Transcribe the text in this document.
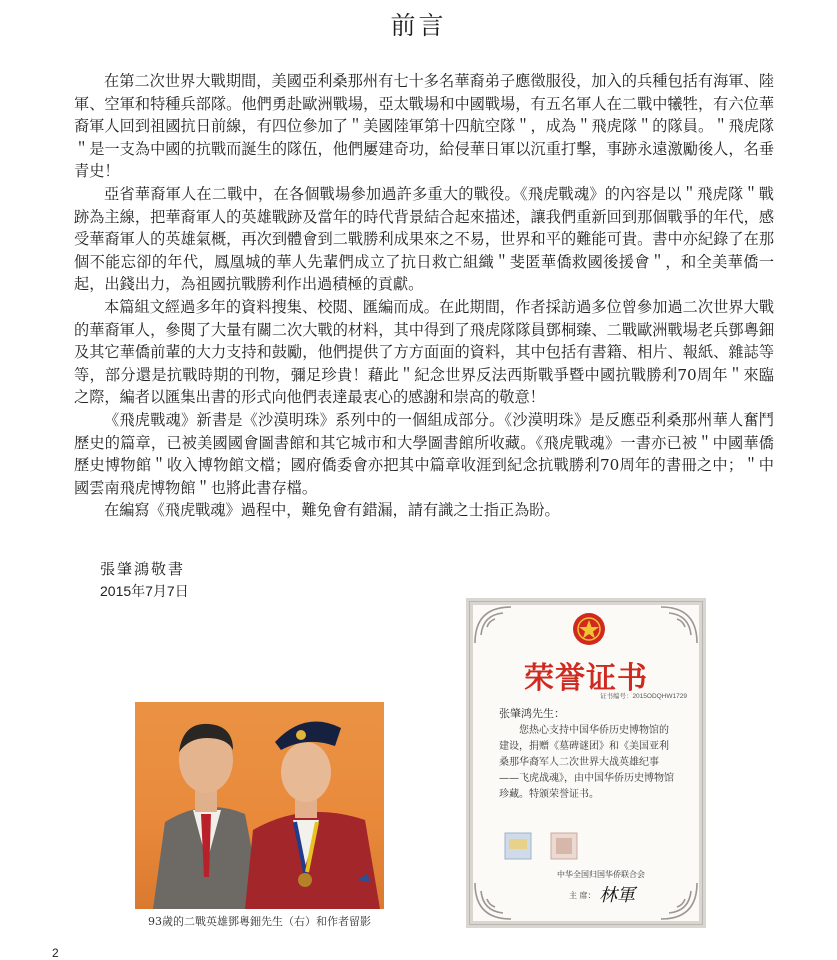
前言

在第二次世界大戰期間，美國亞利桑那州有七十多名華裔弟子應徵服役，加入的兵種包括有海軍、陸軍、空軍和特種兵部隊。他們勇赴歐洲戰場，亞太戰場和中國戰場，有五名軍人在二戰中犧牲，有六位華裔軍人回到祖國抗日前線，有四位參加了＂美國陸軍第十四航空隊＂，成為＂飛虎隊＂的隊員。＂飛虎隊＂是一支為中國的抗戰而誕生的隊伍，他們屢建奇功，給侵華日軍以沉重打擊，事跡永遠激勵後人，名垂青史！

亞省華裔軍人在二戰中，在各個戰場參加過許多重大的戰役。《飛虎戰魂》的內容是以＂飛虎隊＂戰跡為主線，把華裔軍人的英雄戰跡及當年的時代背景結合起來描述，讓我們重新回到那個戰爭的年代，感受華裔軍人的英雄氣概，再次到體會到二戰勝利成果來之不易，世界和平的難能可貴。書中亦紀錄了在那個不能忘卻的年代，鳳凰城的華人先輩們成立了抗日救亡組織＂斐匿華僑救國後援會＂，和全美華僑一起，出錢出力，為祖國抗戰勝利作出過積極的貢獻。

本篇組文經過多年的資料搜集、校閲、匯編而成。在此期間，作者採訪過多位曾參加過二次世界大戰的華裔軍人，參閱了大量有關二次大戰的材料，其中得到了飛虎隊隊員鄧桐臻、二戰歐洲戰場老兵鄧粵鈿及其它華僑前輩的大力支持和鼓勵，他們提供了方方面面的資料，其中包括有書籍、相片、報紙、雜誌等等，部分還是抗戰時期的刊物，彌足珍貴！藉此＂紀念世界反法西斯戰爭暨中國抗戰勝利70周年＂來臨之際，編者以匯集出書的形式向他們表達最衷心的感謝和崇高的敬意！

《飛虎戰魂》新書是《沙漠明珠》系列中的一個組成部分。《沙漠明珠》是反應亞利桑那州華人奮鬥歷史的篇章，已被美國國會圖書館和其它城市和大學圖書館所收藏。《飛虎戰魂》一書亦已被＂中國華僑歷史博物館＂收入博物館文檔；國府僑委會亦把其中篇章收涯到紀念抗戰勝利70周年的書冊之中；＂中國雲南飛虎博物館＂也將此書存檔。

在編寫《飛虎戰魂》過程中，難免會有錯漏，請有識之士指正為盼。

張肇鴻敬書
2015年7月7日
93歲的二戰英雄鄧粵鈿先生（右）和作者留影
荣誉证书
证书编号：2015ODQHW1729
张肇鸿先生：

您热心支持中国华侨历史博物馆的建设，捐赠《墓碑谜团》和《美国亚利桑那华裔军人二次世界大战英雄纪事——飞虎战魂》，由中国华侨历史博物馆珍藏。特颁荣誉证书。

中华全国归国华侨联合会
主 席： 林軍
2
